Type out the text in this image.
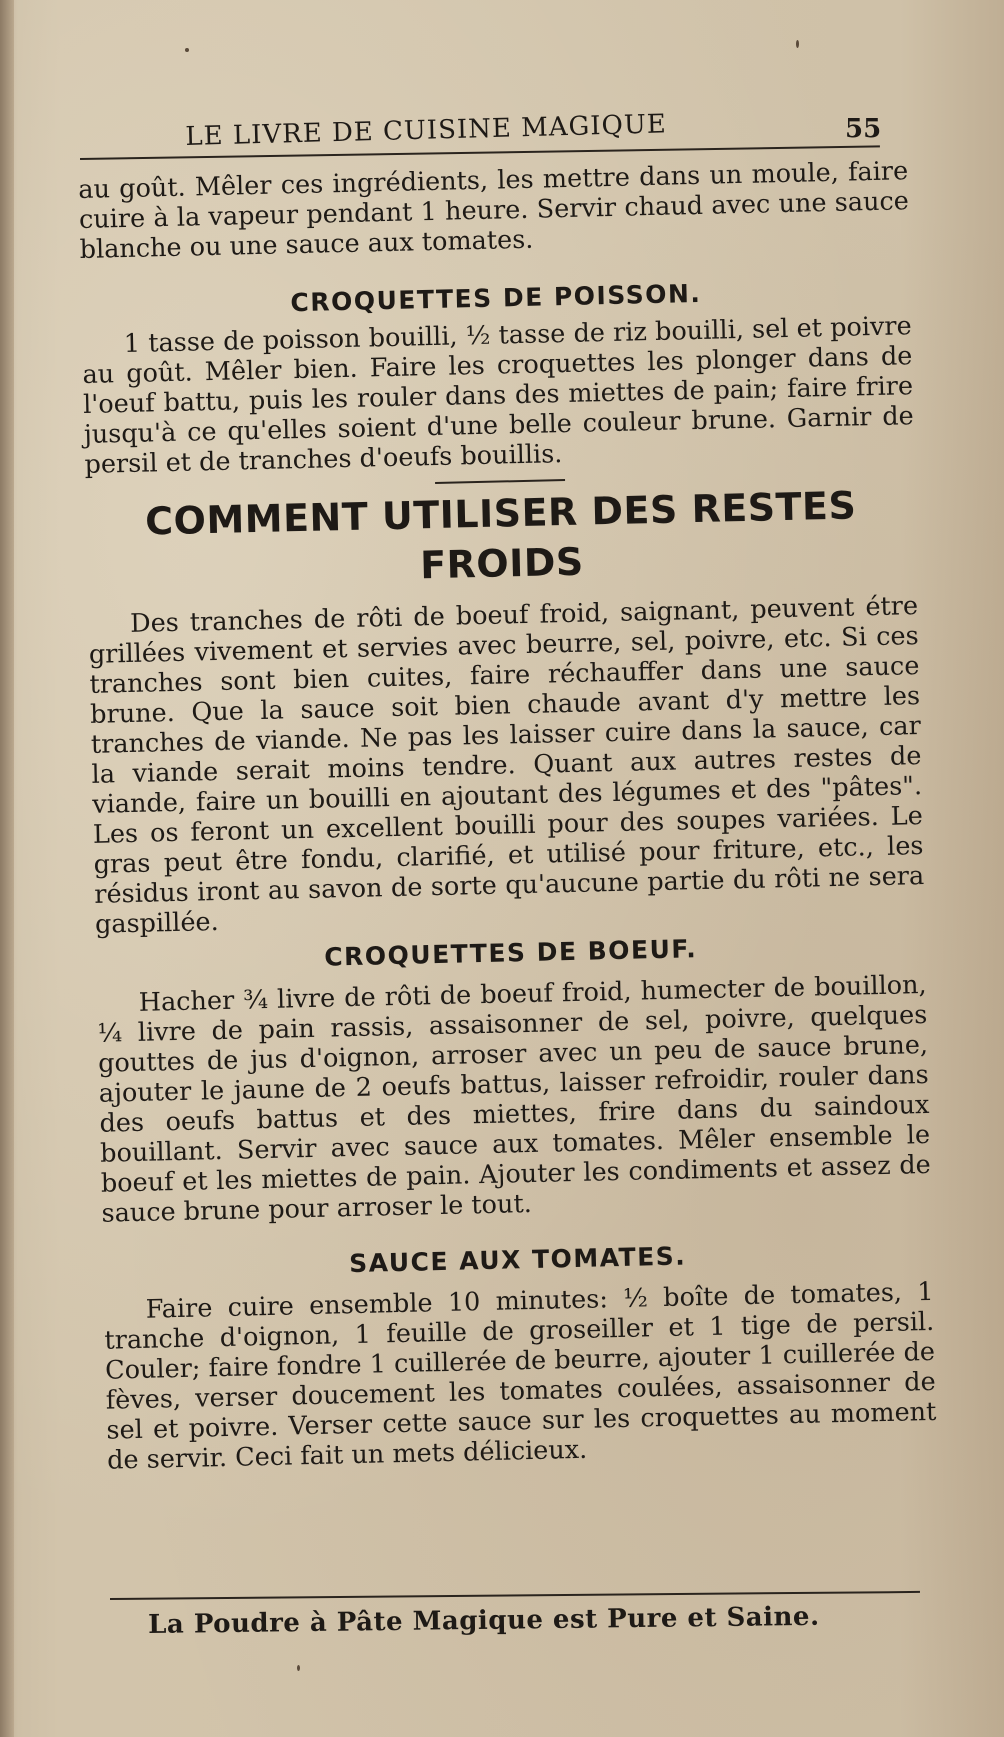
LE LIVRE DE CUISINE MAGIQUE	55

au goût. Mêler ces ingrédients, les mettre dans un moule, faire cuire à la vapeur pendant 1 heure. Servir chaud avec une sauce blanche ou une sauce aux tomates.

CROQUETTES DE POISSON.

1 tasse de poisson bouilli, ½ tasse de riz bouilli, sel et poivre au goût. Mêler bien. Faire les croquettes les plonger dans de l'oeuf battu, puis les rouler dans des miettes de pain; faire frire jusqu'à ce qu'elles soient d'une belle couleur brune. Garnir de persil et de tranches d'oeufs bouillis.

COMMENT UTILISER DES RESTES
FROIDS

Des tranches de rôti de boeuf froid, saignant, peuvent étre grillées vivement et servies avec beurre, sel, poivre, etc. Si ces tranches sont bien cuites, faire réchauffer dans une sauce brune. Que la sauce soit bien chaude avant d'y mettre les tranches de viande. Ne pas les laisser cuire dans la sauce, car la viande serait moins tendre. Quant aux autres restes de viande, faire un bouilli en ajoutant des légumes et des "pâtes". Les os feront un excellent bouilli pour des soupes variées. Le gras peut être fondu, clarifié, et utilisé pour friture, etc., les résidus iront au savon de sorte qu'aucune partie du rôti ne sera gaspillée.

CROQUETTES DE BOEUF.

Hacher ¾ livre de rôti de boeuf froid, humecter de bouillon, ¼ livre de pain rassis, assaisonner de sel, poivre, quelques gouttes de jus d'oignon, arroser avec un peu de sauce brune, ajouter le jaune de 2 oeufs battus, laisser refroidir, rouler dans des oeufs battus et des miettes, frire dans du saindoux bouillant. Servir avec sauce aux tomates. Mêler ensemble le boeuf et les miettes de pain. Ajouter les condiments et assez de sauce brune pour arroser le tout.

SAUCE AUX TOMATES.

Faire cuire ensemble 10 minutes: ½ boîte de tomates, 1 tranche d'oignon, 1 feuille de groseiller et 1 tige de persil. Couler; faire fondre 1 cuillerée de beurre, ajouter 1 cuillerée de fèves, verser doucement les tomates coulées, assaisonner de sel et poivre. Verser cette sauce sur les croquettes au moment de servir. Ceci fait un mets délicieux.

La Poudre à Pâte Magique est Pure et Saine.
